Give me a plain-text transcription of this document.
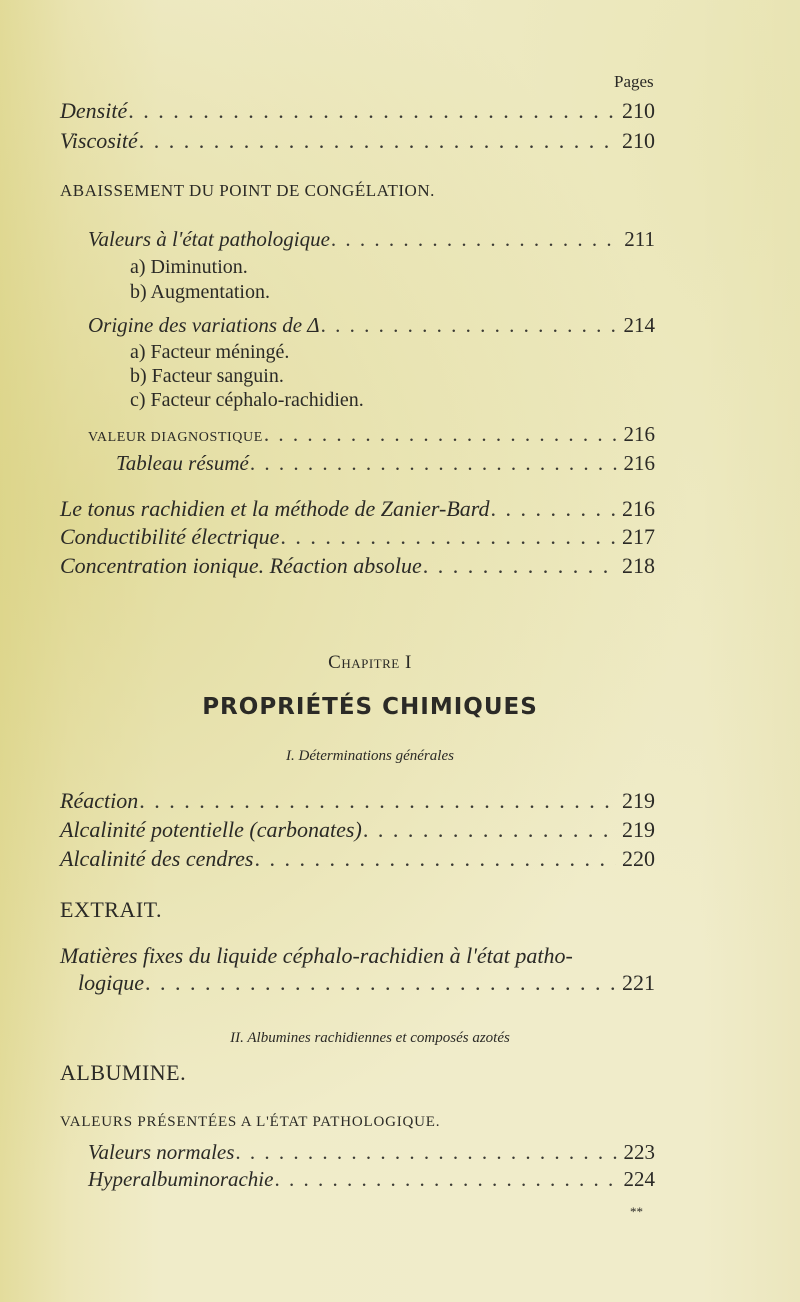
Pages
Densité . . .	210
Viscosité . . .	210
ABAISSEMENT DU POINT DE CONGÉLATION.
Valeurs à l'état pathologique . . .	211
a) Diminution.
b) Augmentation.
Origine des variations de Δ . . .	214
a) Facteur méningé.
b) Facteur sanguin.
c) Facteur céphalo-rachidien.
VALEUR DIAGNOSTIQUE . . .	216
Tableau résumé . . .	216
Le tonus rachidien et la méthode de Zanier-Bard . . .	216
Conductibilité électrique . . .	217
Concentration ionique. Réaction absolue . . .	218
Chapitre I
PROPRIÉTÉS CHIMIQUES
I. Déterminations générales
Réaction . . .	219
Alcalinité potentielle (carbonates) . . .	219
Alcalinité des cendres . . .	220
EXTRAIT.
Matières fixes du liquide céphalo-rachidien à l'état patho-
logique . . .	221
II. Albumines rachidiennes et composés azotés
ALBUMINE.
VALEURS PRÉSENTÉES A L'ÉTAT PATHOLOGIQUE.
Valeurs normales . . .	223
Hyperalbuminorachie . . .	224
**
